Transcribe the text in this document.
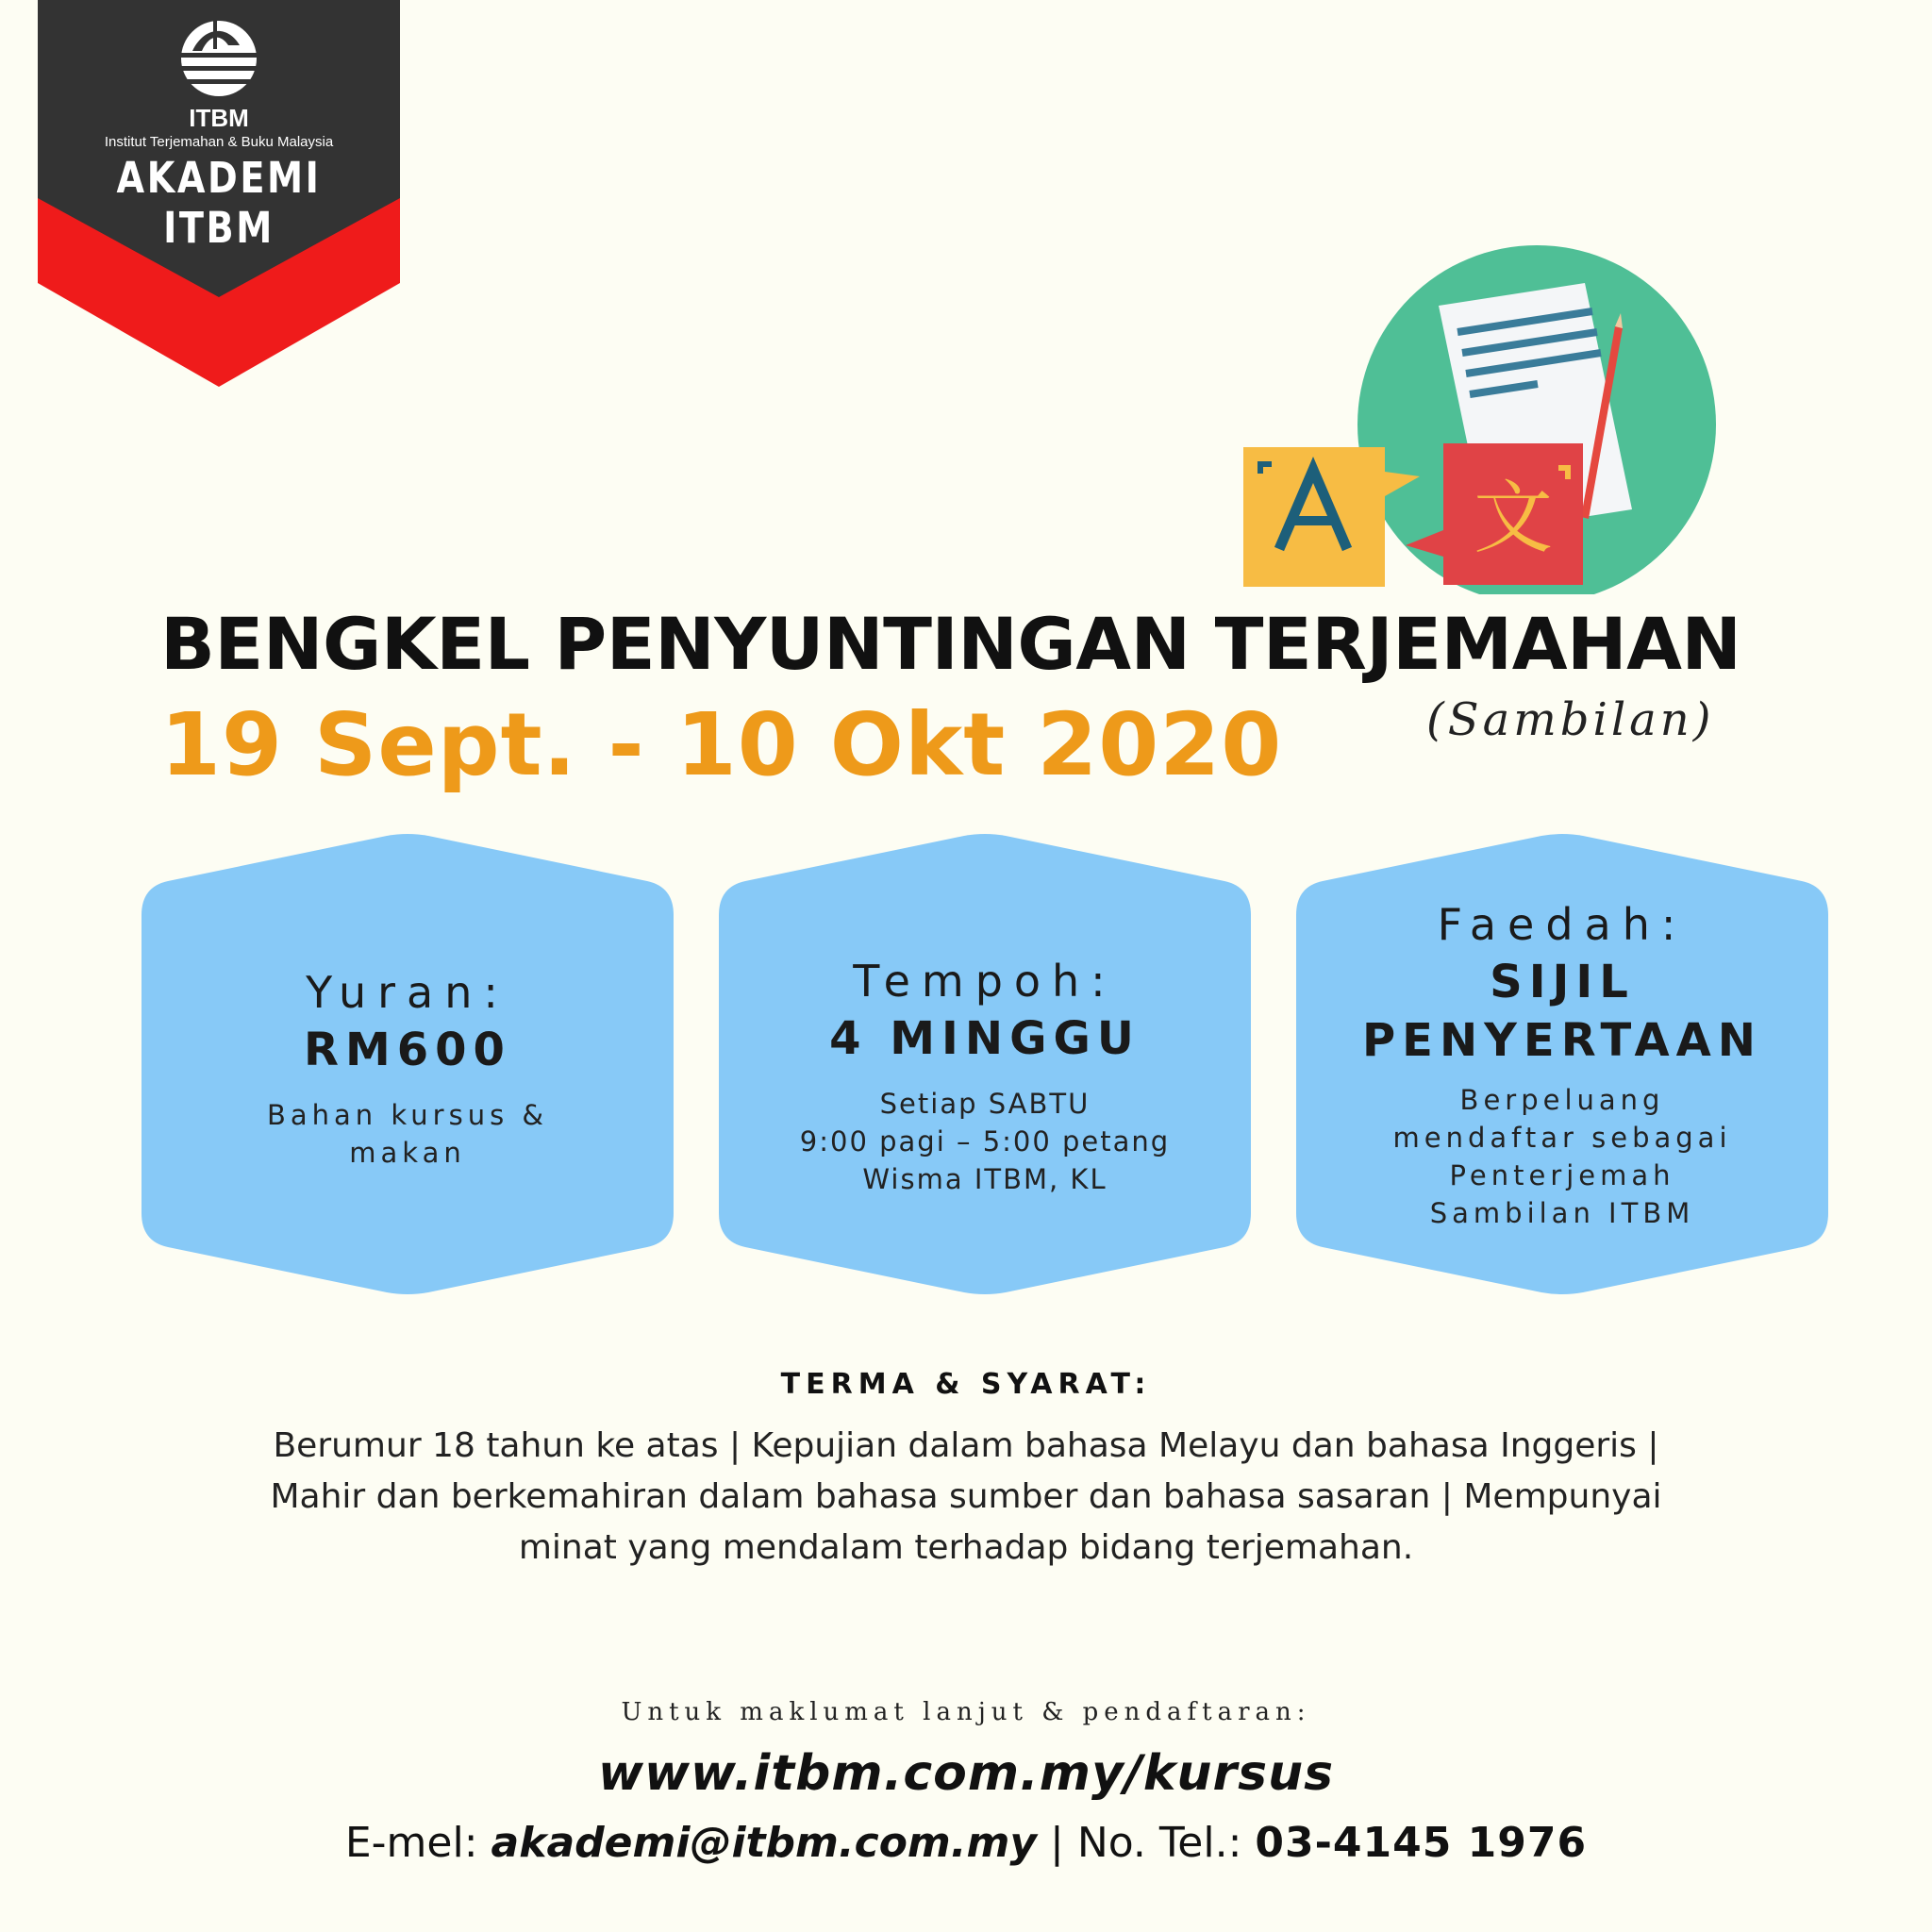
ITBM
Institut Terjemahan & Buku Malaysia
AKADEMI ITBM
文
BENGKEL PENYUNTINGAN TERJEMAHAN
19 Sept. - 10 Okt 2020	(Sambilan)
Yuran:
RM600
Bahan kursus &
makan
Tempoh:
4 MINGGU
Setiap SABTU
9:00 pagi – 5:00 petang
Wisma ITBM, KL
Faedah:
SIJIL
PENYERTAAN
Berpeluang
mendaftar sebagai
Penterjemah
Sambilan ITBM
TERMA & SYARAT:
Berumur 18 tahun ke atas | Kepujian dalam bahasa Melayu dan bahasa Inggeris |
Mahir dan berkemahiran dalam bahasa sumber dan bahasa sasaran | Mempunyai
minat yang mendalam terhadap bidang terjemahan.
Untuk maklumat lanjut & pendaftaran:
www.itbm.com.my/kursus
E-mel: akademi@itbm.com.my | No. Tel.: 03-4145 1976
